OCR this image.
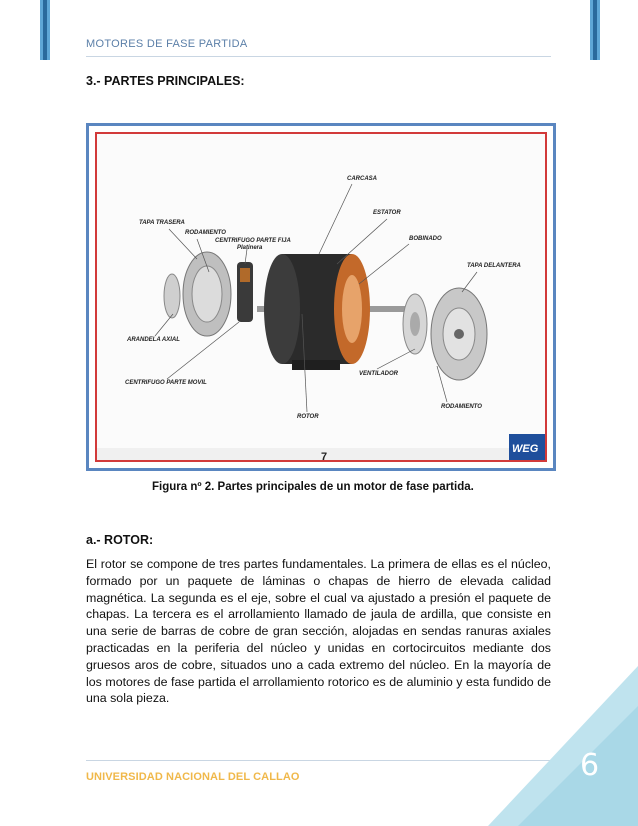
MOTORES DE FASE PARTIDA
3.- PARTES PRINCIPALES:
CARCASA
ESTATOR
TAPA TRASERA
RODAMIENTO
CENTRIFUGO PARTE FIJA
Platinera
BOBINADO
TAPA DELANTERA
ARANDELA AXIAL
VENTILADOR
CENTRIFUGO PARTE MOVIL
ROTOR
RODAMIENTO
7
WEG
Figura nº 2. Partes principales de un motor de fase partida.
a.- ROTOR:

El rotor se compone de tres partes fundamentales. La primera de ellas es el núcleo, formado por un paquete de láminas o chapas de hierro de elevada calidad magnética. La segunda es el eje, sobre el cual va ajustado a presión el paquete de chapas. La tercera es el arrollamiento llamado de jaula de ardilla, que consiste en una serie de barras de cobre de gran sección, alojadas en sendas ranuras axiales practicadas en la periferia del núcleo y unidas en cortocircuitos mediante dos gruesos aros de cobre, situados uno a cada extremo del núcleo. En la mayoría de los motores de fase partida el arrollamiento rotorico es de aluminio y esta fundido de una sola pieza.

UNIVERSIDAD NACIONAL DEL CALLAO	6
